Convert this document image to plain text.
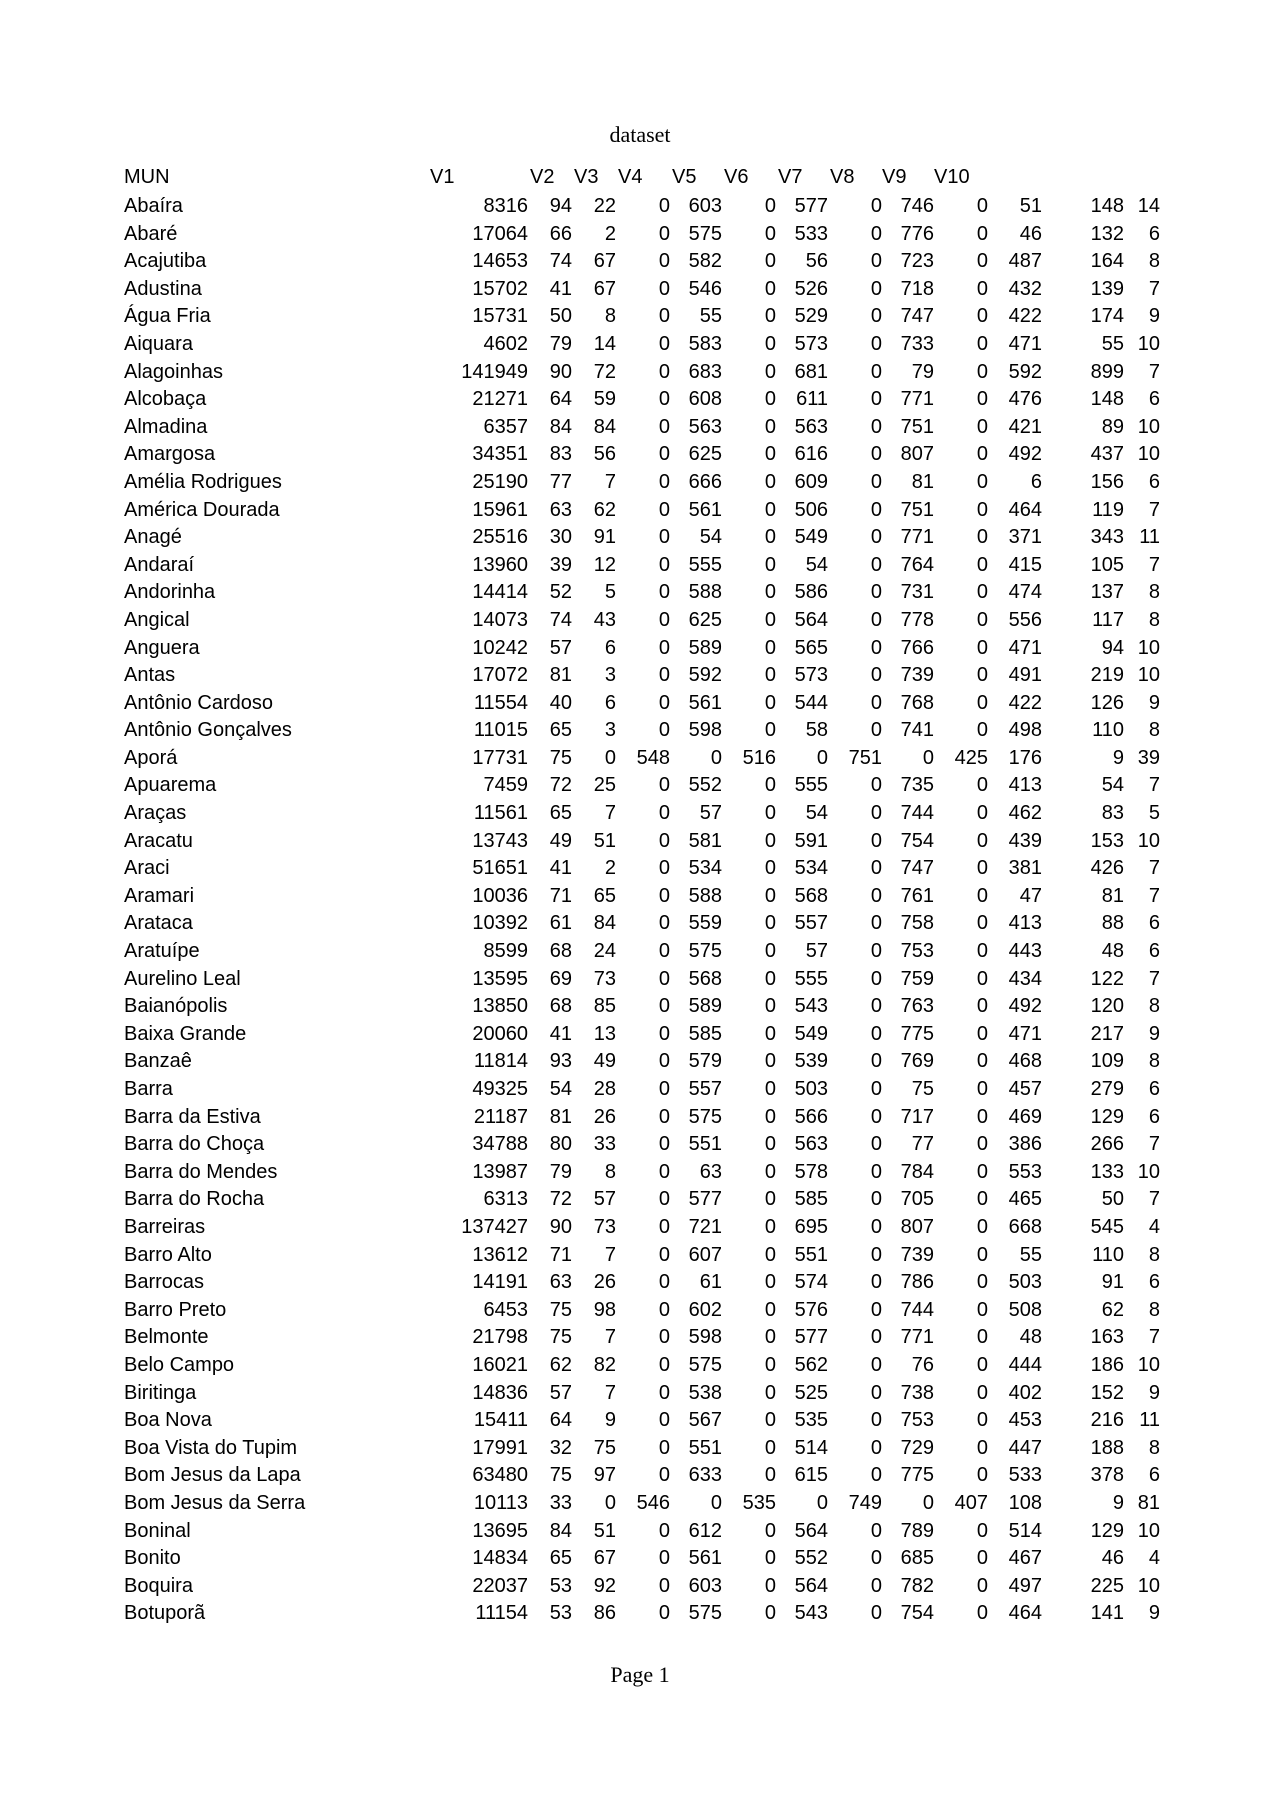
dataset
MUN	V1	V2 V3 V4 V5 V6 V7 V8 V9 V10
Abaíra	8316 94 22 0 603 0 577 0 746 0 51 148 14
Abaré	17064 66 2 0 575 0 533 0 776 0 46 132 6
Acajutiba	14653 74 67 0 582 0 56 0 723 0 487 164 8
Adustina	15702 41 67 0 546 0 526 0 718 0 432 139 7
Água Fria	15731 50 8 0 55 0 529 0 747 0 422 174 9
Aiquara	4602 79 14 0 583 0 573 0 733 0 471	55 10
Alagoinhas	141949 90 72 0 683 0 681 0 79 0 592 899 7
Alcobaça	21271 64 59 0 608 0 611 0 771 0 476 148 6
Almadina	6357 84 84 0 563 0 563 0 751 0 421	89 10
Amargosa	34351 83 56 0 625 0 616 0 807 0 492 437 10
Amélia Rodrigues	25190 77 7 0 666 0 609 0 81 0 6 156 6
América Dourada	15961 63 62 0 561 0 506 0 751 0 464	119 7
Anagé	25516 30 91 0 54 0 549 0 771 0 371 343 11
Andaraí	13960 39 12 0 555 0 54 0 764 0 415 105 7
Andorinha	14414 52 5 0 588 0 586 0 731 0 474 137 8
Angical	14073 74 43 0 625 0 564 0 778 0 556	117 8
Anguera	10242 57 6 0 589 0 565 0 766 0 471	94 10
Antas	17072 81 3 0 592 0 573 0 739 0 491 219 10
Antônio Cardoso	11554 40 6 0 561 0 544 0 768 0 422 126 9
Antônio Gonçalves	11015 65 3 0 598 0 58 0 741 0 498	110 8
Aporá	17731 75 0 548 0 516 0 751 0 425 176	9 39
Apuarema	7459 72 25 0 552 0 555 0 735 0 413	54 7
Araças	11561 65 7 0 57 0 54 0 744 0 462	83 5
Aracatu	13743 49 51 0 581 0 591 0 754 0 439 153 10
Araci	51651 41 2 0 534 0 534 0 747 0 381 426 7
Aramari	10036 71 65 0 588 0 568 0 761 0 47	81 7
Arataca	10392 61 84 0 559 0 557 0 758 0 413	88 6
Aratuípe	8599 68 24 0 575 0 57 0 753 0 443	48 6
Aurelino Leal	13595 69 73 0 568 0 555 0 759 0 434 122 7
Baianópolis	13850 68 85 0 589 0 543 0 763 0 492 120 8
Baixa Grande	20060 41 13 0 585 0 549 0 775 0 471 217 9
Banzaê	11814 93 49 0 579 0 539 0 769 0 468 109 8
Barra	49325 54 28 0 557 0 503 0 75 0 457 279 6
Barra da Estiva	21187 81 26 0 575 0 566 0 717 0 469 129 6
Barra do Choça	34788 80 33 0 551 0 563 0 77 0 386 266 7
Barra do Mendes	13987 79 8 0 63 0 578 0 784 0 553 133 10
Barra do Rocha	6313 72 57 0 577 0 585 0 705 0 465	50 7
Barreiras	137427 90 73 0 721 0 695 0 807 0 668 545 4
Barro Alto	13612 71 7 0 607 0 551 0 739 0 55	110 8
Barrocas	14191 63 26 0 61 0 574 0 786 0 503	91 6
Barro Preto	6453 75 98 0 602 0 576 0 744 0 508	62 8
Belmonte	21798 75 7 0 598 0 577 0 771 0 48 163 7
Belo Campo	16021 62 82 0 575 0 562 0 76 0 444 186 10
Biritinga	14836 57 7 0 538 0 525 0 738 0 402 152 9
Boa Nova	15411 64 9 0 567 0 535 0 753 0 453 216 11
Boa Vista do Tupim	17991 32 75 0 551 0 514 0 729 0 447 188 8
Bom Jesus da Lapa	63480 75 97 0 633 0 615 0 775 0 533 378 6
Bom Jesus da Serra	10113 33 0 546 0 535 0 749 0 407 108	9 81
Boninal	13695 84 51 0 612 0 564 0 789 0 514 129 10
Bonito	14834 65 67 0 561 0 552 0 685 0 467	46 4
Boquira	22037 53 92 0 603 0 564 0 782 0 497 225 10
Botuporã	11154 53 86 0 575 0 543 0 754 0 464 141 9
Page 1
